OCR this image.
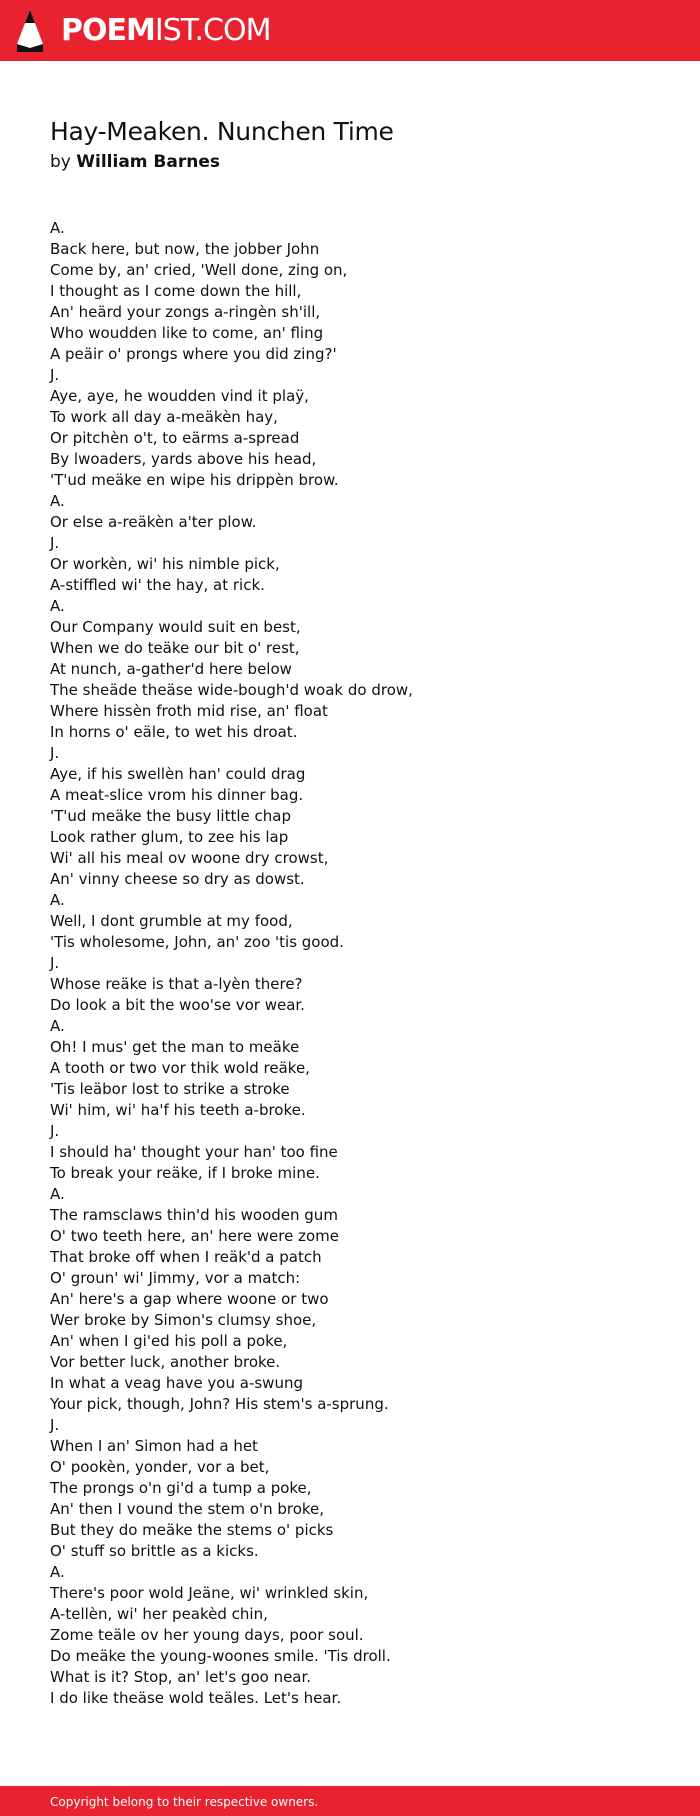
POEMIST.COM
Hay-Meaken. Nunchen Time
by William Barnes
A.
Back here, but now, the jobber John
Come by, an' cried, 'Well done, zing on,
I thought as I come down the hill,
An' heärd your zongs a-ringèn sh'ill,
Who woudden like to come, an' fling
A peäir o' prongs where you did zing?'
J.
Aye, aye, he woudden vind it plaÿ,
To work all day a-meäkèn hay,
Or pitchèn o't, to eärms a-spread
By lwoaders, yards above his head,
'T'ud meäke en wipe his drippèn brow.
A.
Or else a-reäkèn a'ter plow.
J.
Or workèn, wi' his nimble pick,
A-stiffled wi' the hay, at rick.
A.
Our Company would suit en best,
When we do teäke our bit o' rest,
At nunch, a-gather'd here below
The sheäde theäse wide-bough'd woak do drow,
Where hissèn froth mid rise, an' float
In horns o' eäle, to wet his droat.
J.
Aye, if his swellèn han' could drag
A meat-slice vrom his dinner bag.
'T'ud meäke the busy little chap
Look rather glum, to zee his lap
Wi' all his meal ov woone dry crowst,
An' vinny cheese so dry as dowst.
A.
Well, I dont grumble at my food,
'Tis wholesome, John, an' zoo 'tis good.
J.
Whose reäke is that a-lyèn there?
Do look a bit the woo'se vor wear.
A.
Oh! I mus' get the man to meäke
A tooth or two vor thik wold reäke,
'Tis leäbor lost to strike a stroke
Wi' him, wi' ha'f his teeth a-broke.
J.
I should ha' thought your han' too fine
To break your reäke, if I broke mine.
A.
The ramsclaws thin'd his wooden gum
O' two teeth here, an' here were zome
That broke off when I reäk'd a patch
O' groun' wi' Jimmy, vor a match:
An' here's a gap where woone or two
Wer broke by Simon's clumsy shoe,
An' when I gi'ed his poll a poke,
Vor better luck, another broke.
In what a veag have you a-swung
Your pick, though, John? His stem's a-sprung.
J.
When I an' Simon had a het
O' pookèn, yonder, vor a bet,
The prongs o'n gi'd a tump a poke,
An' then I vound the stem o'n broke,
But they do meäke the stems o' picks
O' stuff so brittle as a kicks.
A.
There's poor wold Jeäne, wi' wrinkled skin,
A-tellèn, wi' her peakèd chin,
Zome teäle ov her young days, poor soul.
Do meäke the young-woones smile. 'Tis droll.
What is it? Stop, an' let's goo near.
I do like theäse wold teäles. Let's hear.
Copyright belong to their respective owners.
